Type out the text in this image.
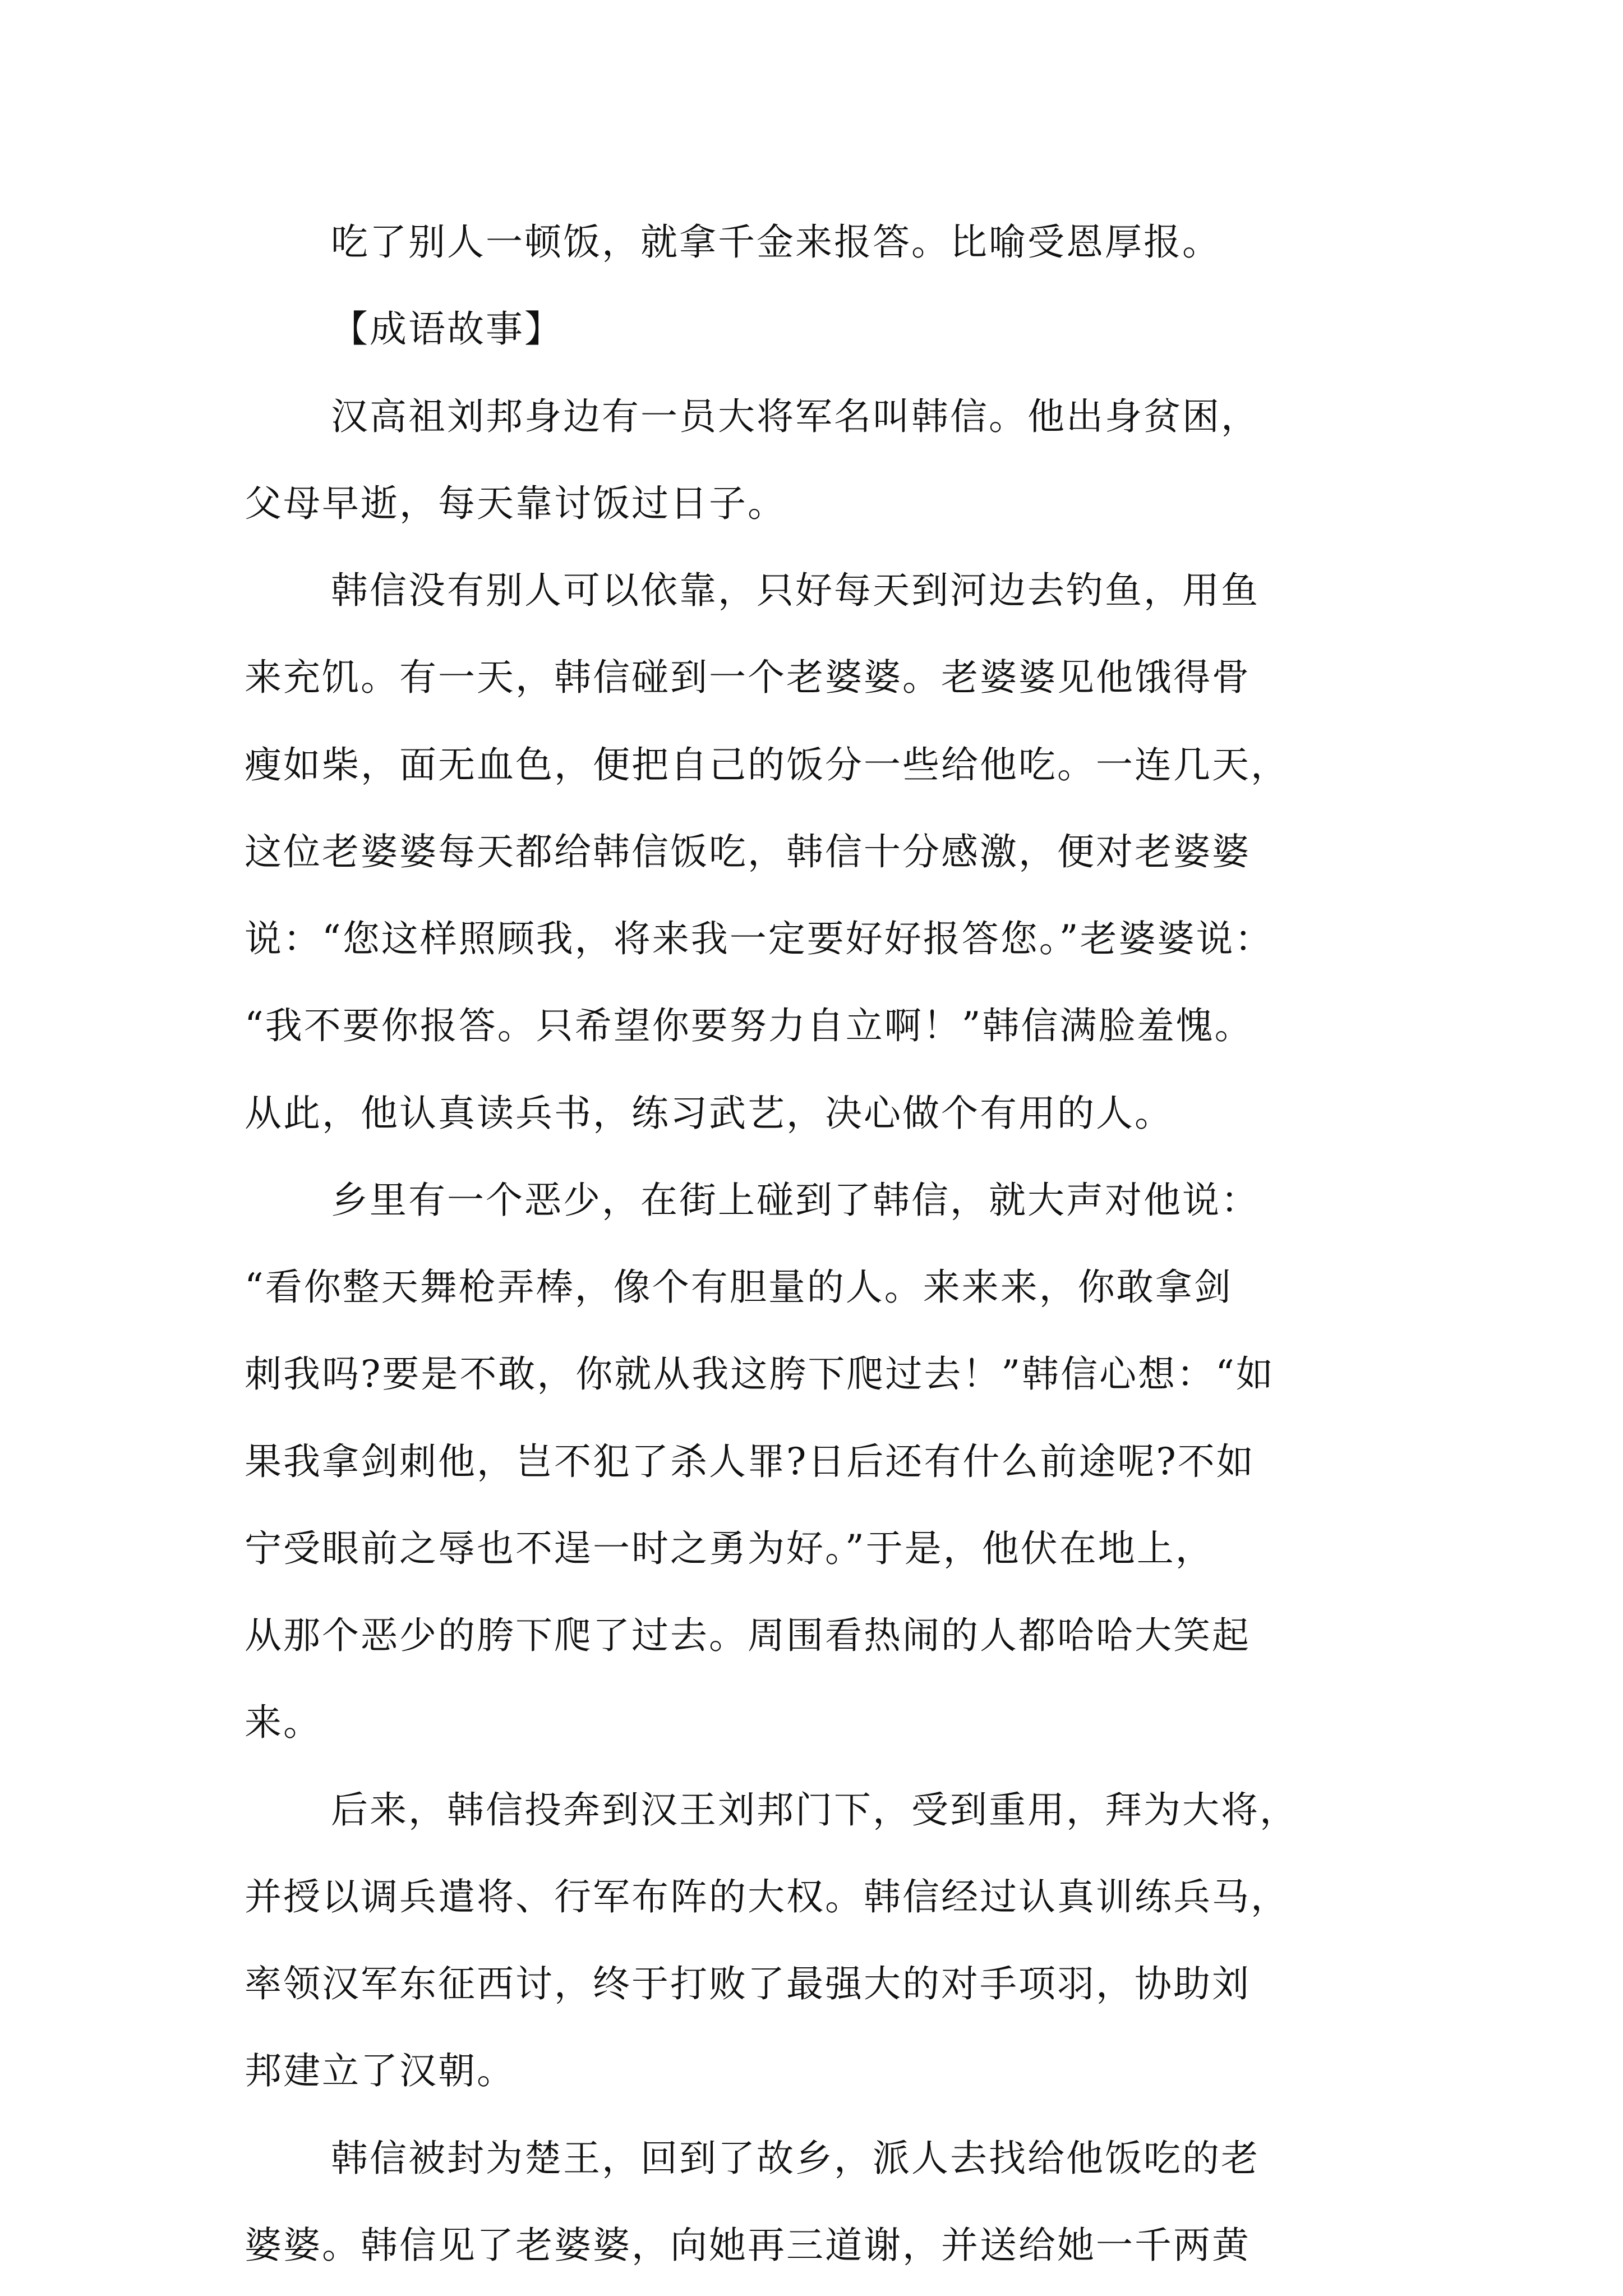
吃了别人一顿饭，就拿千金来报答。比喻受恩厚报。
【成语故事】
汉高祖刘邦身边有一员大将军名叫韩信。他出身贫困，
父母早逝，每天靠讨饭过日子。
韩信没有别人可以依靠，只好每天到河边去钓鱼，用鱼
来充饥。有一天，韩信碰到一个老婆婆。老婆婆见他饿得骨
瘦如柴，面无血色，便把自己的饭分一些给他吃。一连几天，
这位老婆婆每天都给韩信饭吃，韩信十分感激，便对老婆婆
说：“您这样照顾我，将来我一定要好好报答您。”老婆婆说：
“我不要你报答。只希望你要努力自立啊！”韩信满脸羞愧。
从此，他认真读兵书，练习武艺，决心做个有用的人。
乡里有一个恶少，在街上碰到了韩信，就大声对他说：
“看你整天舞枪弄棒，像个有胆量的人。来来来，你敢拿剑
刺我吗?要是不敢，你就从我这胯下爬过去！”韩信心想：“如
果我拿剑刺他，岂不犯了杀人罪?日后还有什么前途呢?不如
宁受眼前之辱也不逞一时之勇为好。”于是，他伏在地上，
从那个恶少的胯下爬了过去。周围看热闹的人都哈哈大笑起
来。
后来，韩信投奔到汉王刘邦门下，受到重用，拜为大将，
并授以调兵遣将、行军布阵的大权。韩信经过认真训练兵马，
率领汉军东征西讨，终于打败了最强大的对手项羽，协助刘
邦建立了汉朝。
韩信被封为楚王，回到了故乡，派人去找给他饭吃的老
婆婆。韩信见了老婆婆，向她再三道谢，并送给她一千两黄
